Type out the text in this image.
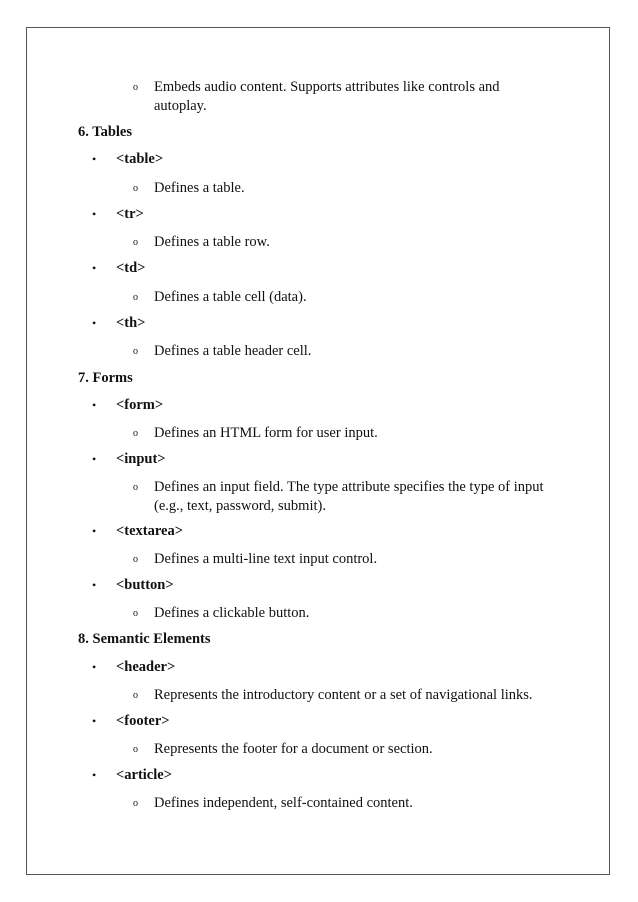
o Embeds audio content. Supports attributes like controls and
autoplay.
6. Tables
• <table>
o Defines a table.
• <tr>
o Defines a table row.
• <td>
o Defines a table cell (data).
• <th>
o Defines a table header cell.
7. Forms
• <form>
o Defines an HTML form for user input.
• <input>
o Defines an input field. The type attribute specifies the type of input
(e.g., text, password, submit).
• <textarea>
o Defines a multi-line text input control.
• <button>
o Defines a clickable button.
8. Semantic Elements
• <header>
o Represents the introductory content or a set of navigational links.
• <footer>
o Represents the footer for a document or section.
• <article>
o Defines independent, self-contained content.
